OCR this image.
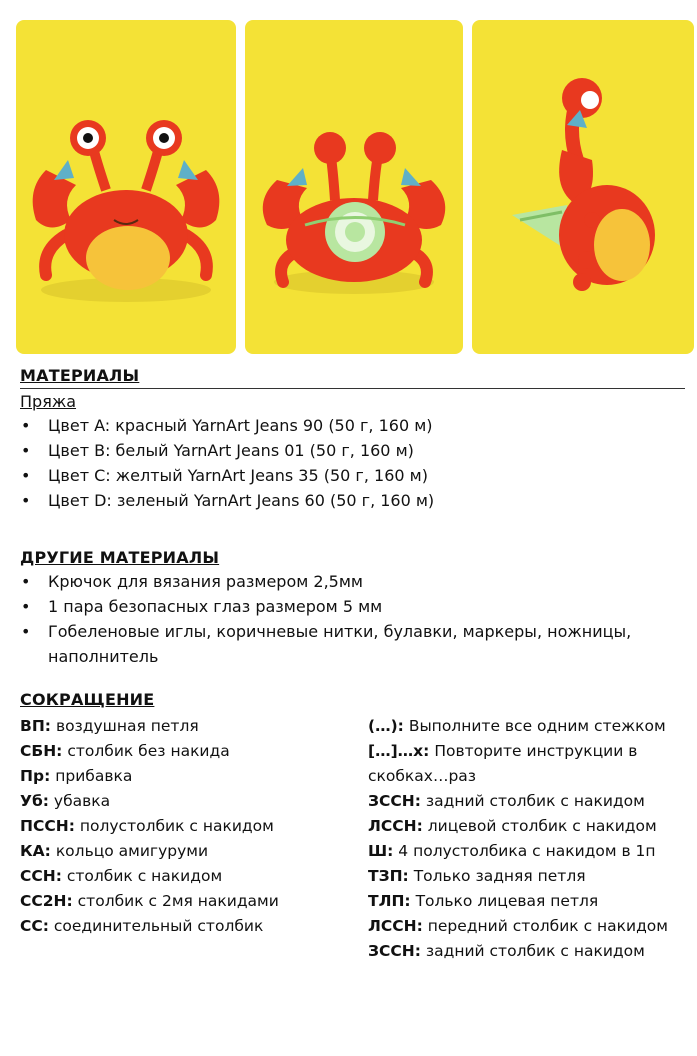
МАТЕРИАЛЫ
Пряжа
• Цвет A: красный YarnArt Jeans 90 (50 г, 160 м)
• Цвет B: белый YarnArt Jeans 01 (50 г, 160 м)
• Цвет C: желтый YarnArt Jeans 35 (50 г, 160 м)
• Цвет D: зеленый YarnArt Jeans 60 (50 г, 160 м)
ДРУГИЕ МАТЕРИАЛЫ
• Крючок для вязания размером 2,5мм
• 1 пара безопасных глаз размером 5 мм
• Гобеленовые иглы, коричневые нитки, булавки, маркеры, ножницы, наполнитель
СОКРАЩЕНИЕ
ВП: воздушная петля
СБН: столбик без накида
Пр: прибавка
Уб: убавка
ПССН: полустолбик с накидом
КА: кольцо амигуруми
ССН: столбик с накидом
СС2Н: столбик с 2мя накидами
СС: соединительный столбик
(…): Выполните все одним стежком
[…]…х: Повторите инструкции в
скобках…раз
ЗССН: задний столбик с накидом
ЛССН: лицевой столбик с накидом
Ш: 4 полустолбика с накидом в 1п
ТЗП: Только задняя петля
ТЛП: Только лицевая петля
ЛССН: передний столбик с накидом
ЗССН: задний столбик с накидом
